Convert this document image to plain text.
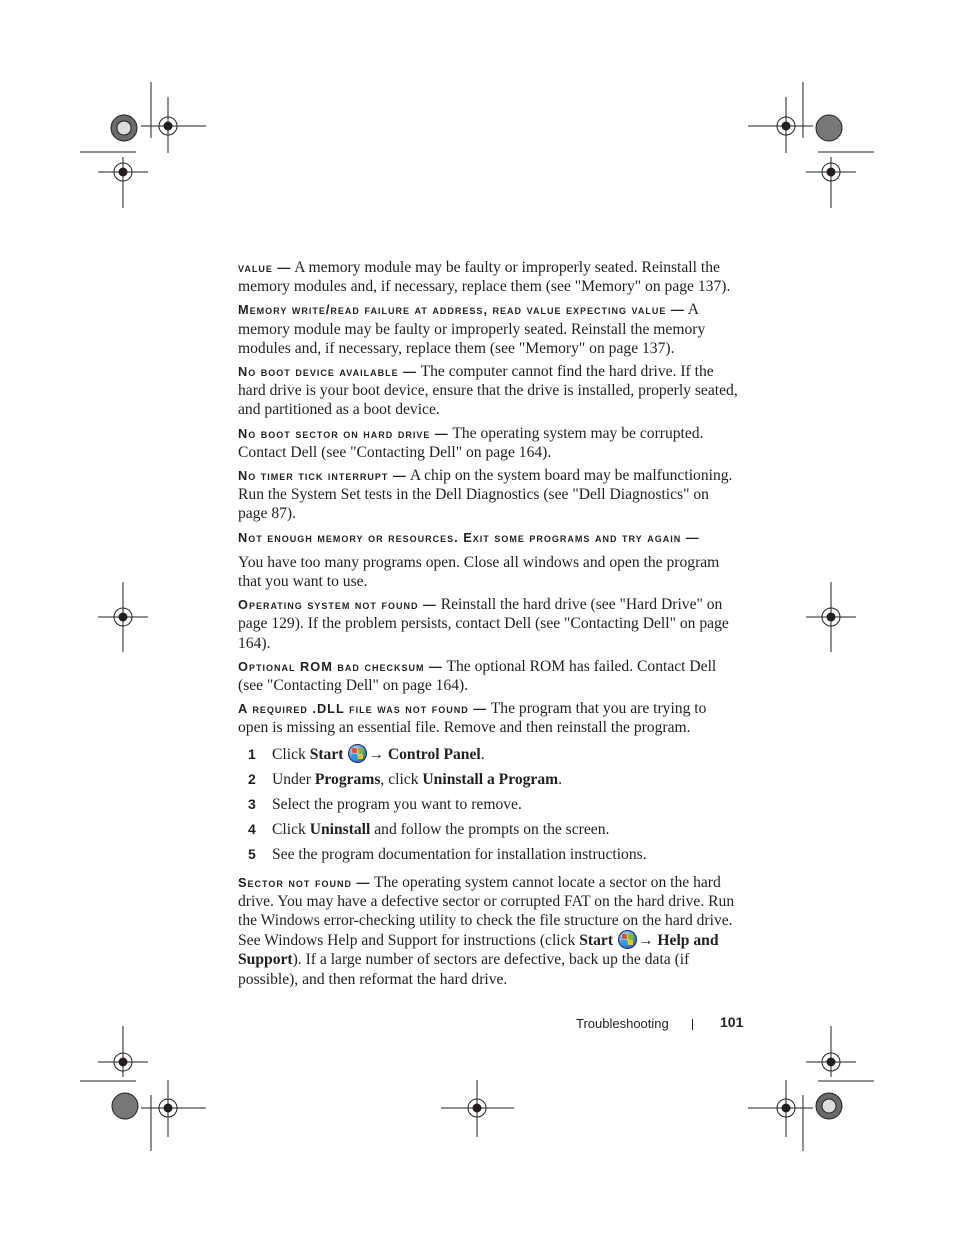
value — A memory module may be faulty or improperly seated. Reinstall the memory modules and, if necessary, replace them (see "Memory" on page 137).

Memory write/read failure at address, read value expecting value — A memory module may be faulty or improperly seated. Reinstall the memory modules and, if necessary, replace them (see "Memory" on page 137).

No boot device available — The computer cannot find the hard drive. If the hard drive is your boot device, ensure that the drive is installed, properly seated, and partitioned as a boot device.

No boot sector on hard drive — The operating system may be corrupted. Contact Dell (see "Contacting Dell" on page 164).

No timer tick interrupt — A chip on the system board may be malfunctioning. Run the System Set tests in the Dell Diagnostics (see "Dell Diagnostics" on page 87).

Not enough memory or resources. Exit some programs and try again —

You have too many programs open. Close all windows and open the program that you want to use.

Operating system not found — Reinstall the hard drive (see "Hard Drive" on page 129). If the problem persists, contact Dell (see "Contacting Dell" on page 164).

Optional ROM bad checksum — The optional ROM has failed. Contact Dell (see "Contacting Dell" on page 164).

A required .DLL file was not found — The program that you are trying to open is missing an essential file. Remove and then reinstall the program.

1	Click Start → Control Panel.
2	Under Programs, click Uninstall a Program.
3	Select the program you want to remove.
4	Click Uninstall and follow the prompts on the screen.
5	See the program documentation for installation instructions.

Sector not found — The operating system cannot locate a sector on the hard drive. You may have a defective sector or corrupted FAT on the hard drive. Run the Windows error-checking utility to check the file structure on the hard drive. See Windows Help and Support for instructions (click Start → Help and Support). If a large number of sectors are defective, back up the data (if possible), and then reformat the hard drive.

Troubleshooting	101
